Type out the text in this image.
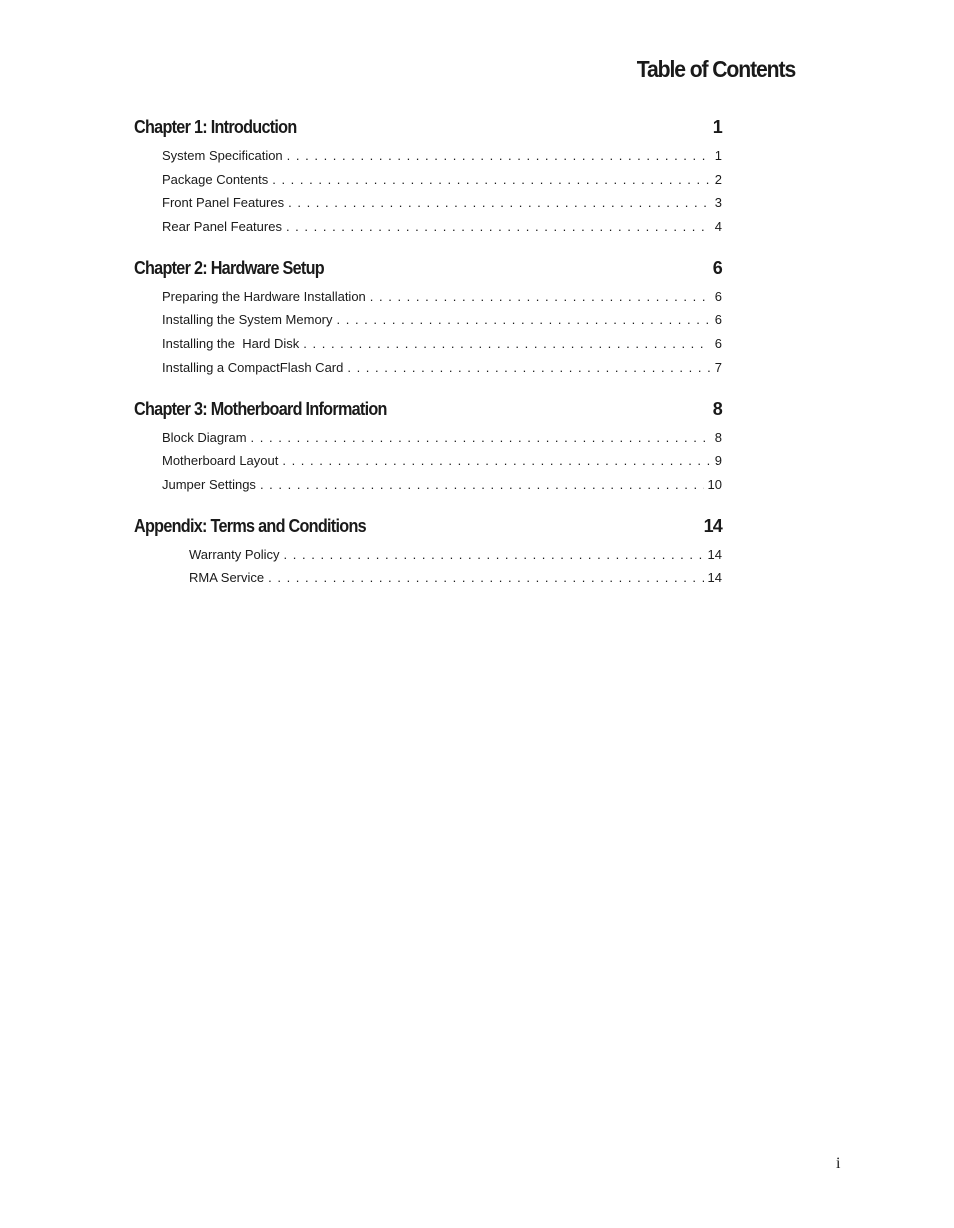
Table of Contents
Chapter 1: Introduction	1
System Specification . . .	1
Package Contents . . .	2
Front Panel Features . . .	3
Rear Panel Features . . .	4
Chapter 2: Hardware Setup	6
Preparing the Hardware Installation . . .	6
Installing the System Memory . . .	6
Installing the  Hard Disk . . .	6
Installing a CompactFlash Card . . .	7
Chapter 3: Motherboard Information	8
Block Diagram . . .	8
Motherboard Layout . . .	9
Jumper Settings . . .	10
Appendix: Terms and Conditions	14
Warranty Policy . . .	14
RMA Service . . .	14
i
